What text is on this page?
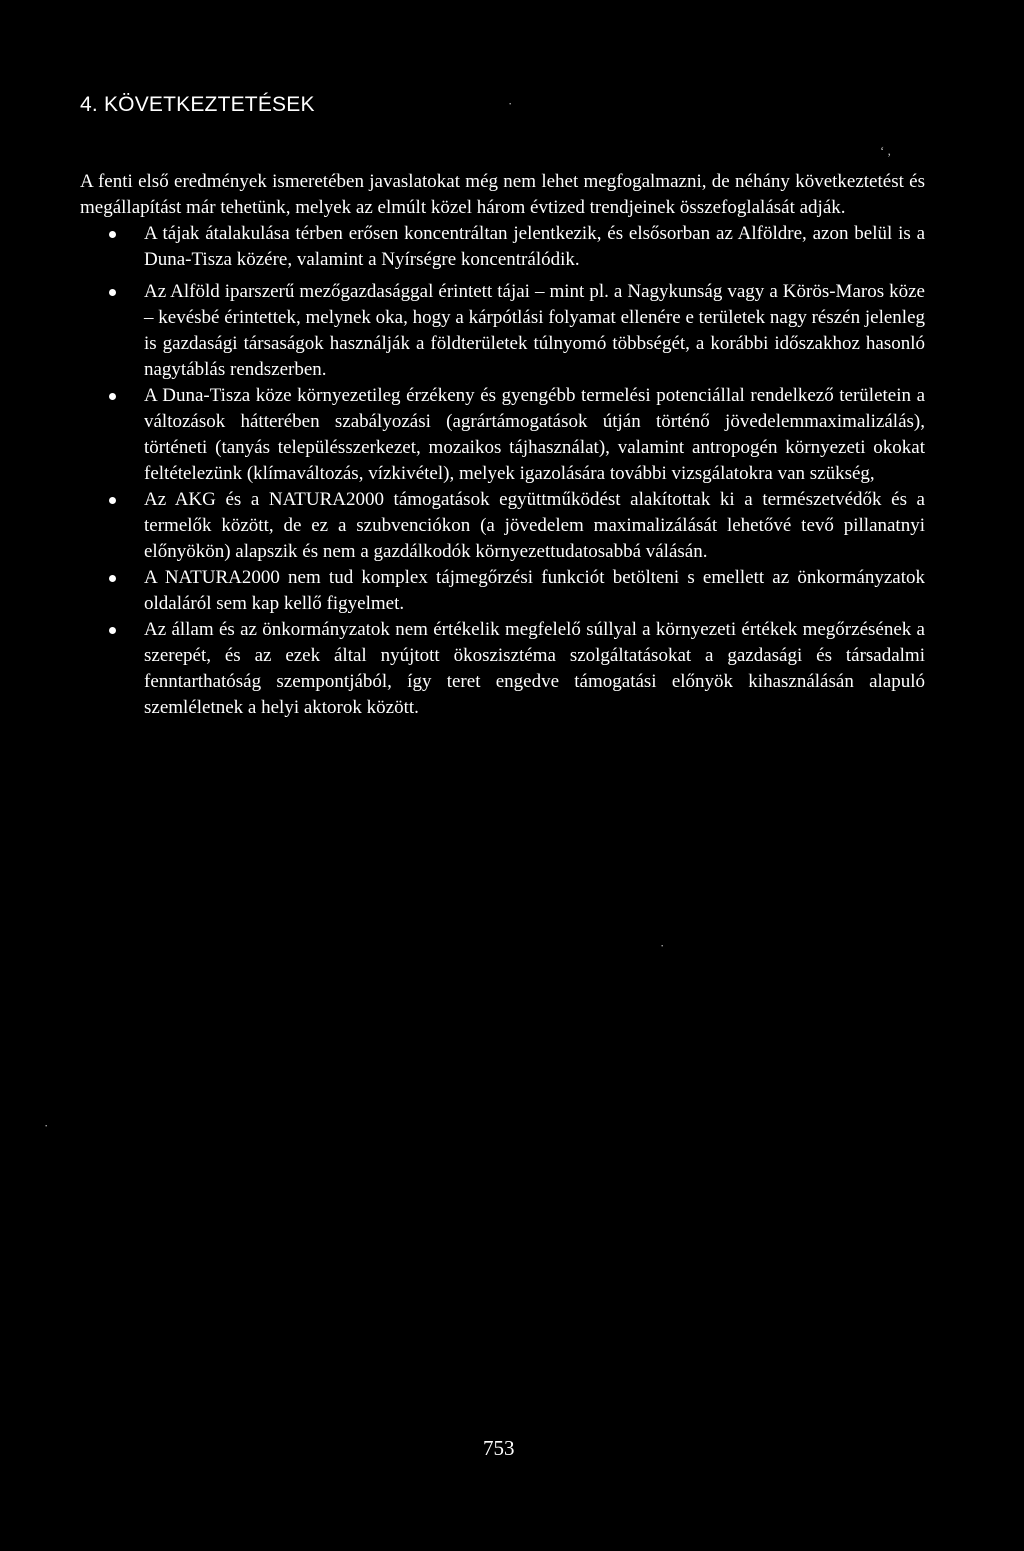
4. KÖVETKEZTETÉSEK
ʻ ,
·
·
·

A fenti első eredmények ismeretében javaslatokat még nem lehet megfogalmazni, de néhány következtetést és megállapítást már tehetünk, melyek az elmúlt közel három évtized trendjeinek összefoglalását adják.

A tájak átalakulása térben erősen koncentráltan jelentkezik, és elsősorban az Alföldre, azon belül is a Duna-Tisza közére, valamint a Nyírségre koncentrálódik.
Az Alföld iparszerű mezőgazdasággal érintett tájai – mint pl. a Nagykunság vagy a Körös-Maros köze – kevésbé érintettek, melynek oka, hogy a kárpótlási folyamat ellenére e területek nagy részén jelenleg is gazdasági társaságok használják a földterületek túlnyomó többségét, a korábbi időszakhoz hasonló nagytáblás rendszerben.
A Duna-Tisza köze környezetileg érzékeny és gyengébb termelési potenciállal rendelkező területein a változások hátterében szabályozási (agrártámogatások útján történő jövedelemmaximalizálás), történeti (tanyás településszerkezet, mozaikos tájhasználat), valamint antropogén környezeti okokat feltételezünk (klímaváltozás, vízkivétel), melyek igazolására további vizsgálatokra van szükség,
Az AKG és a NATURA2000 támogatások együttműködést alakítottak ki a természetvédők és a termelők között, de ez a szubvenciókon (a jövedelem maximalizálását lehetővé tevő pillanatnyi előnyökön) alapszik és nem a gazdálkodók környezettudatosabbá válásán.
A NATURA2000 nem tud komplex tájmegőrzési funkciót betölteni s emellett az önkormányzatok oldaláról sem kap kellő figyelmet.
Az állam és az önkormányzatok nem értékelik megfelelő súllyal a környezeti értékek megőrzésének a szerepét, és az ezek által nyújtott ökoszisztéma szolgáltatásokat a gazdasági és társadalmi fenntarthatóság szempontjából, így teret engedve támogatási előnyök kihasználásán alapuló szemléletnek a helyi aktorok között.
753
